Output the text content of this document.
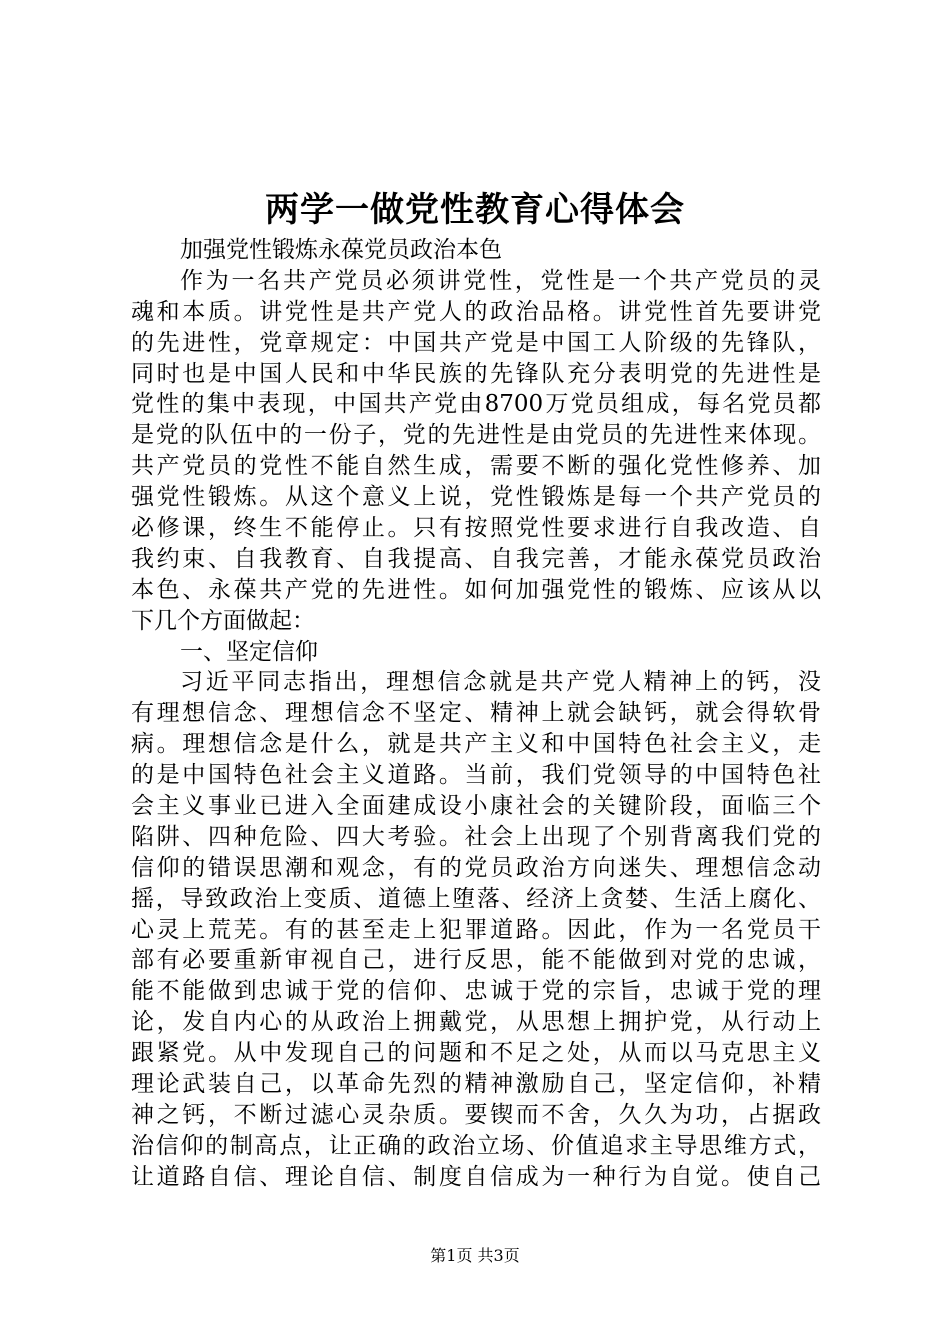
两学一做党性教育心得体会
加强党性锻炼永葆党员政治本色
作为一名共产党员必须讲党性，党性是一个共产党员的灵
魂和本质。讲党性是共产党人的政治品格。讲党性首先要讲党
的先进性，党章规定：中国共产党是中国工人阶级的先锋队，
同时也是中国人民和中华民族的先锋队充分表明党的先进性是
党性的集中表现，中国共产党由8700万党员组成，每名党员都
是党的队伍中的一份子，党的先进性是由党员的先进性来体现。
共产党员的党性不能自然生成，需要不断的强化党性修养、加
强党性锻炼。从这个意义上说，党性锻炼是每一个共产党员的
必修课，终生不能停止。只有按照党性要求进行自我改造、自
我约束、自我教育、自我提高、自我完善，才能永葆党员政治
本色、永葆共产党的先进性。如何加强党性的锻炼、应该从以
下几个方面做起：
一、坚定信仰
习近平同志指出，理想信念就是共产党人精神上的钙，没
有理想信念、理想信念不坚定、精神上就会缺钙，就会得软骨
病。理想信念是什么，就是共产主义和中国特色社会主义，走
的是中国特色社会主义道路。当前，我们党领导的中国特色社
会主义事业已进入全面建成设小康社会的关键阶段，面临三个
陷阱、四种危险、四大考验。社会上出现了个别背离我们党的
信仰的错误思潮和观念，有的党员政治方向迷失、理想信念动
摇，导致政治上变质、道德上堕落、经济上贪婪、生活上腐化、
心灵上荒芜。有的甚至走上犯罪道路。因此，作为一名党员干
部有必要重新审视自己，进行反思，能不能做到对党的忠诚，
能不能做到忠诚于党的信仰、忠诚于党的宗旨，忠诚于党的理
论，发自内心的从政治上拥戴党，从思想上拥护党，从行动上
跟紧党。从中发现自己的问题和不足之处，从而以马克思主义
理论武装自己，以革命先烈的精神激励自己，坚定信仰，补精
神之钙，不断过滤心灵杂质。要锲而不舍，久久为功，占据政
治信仰的制高点，让正确的政治立场、价值追求主导思维方式，
让道路自信、理论自信、制度自信成为一种行为自觉。使自己
第1页 共3页
